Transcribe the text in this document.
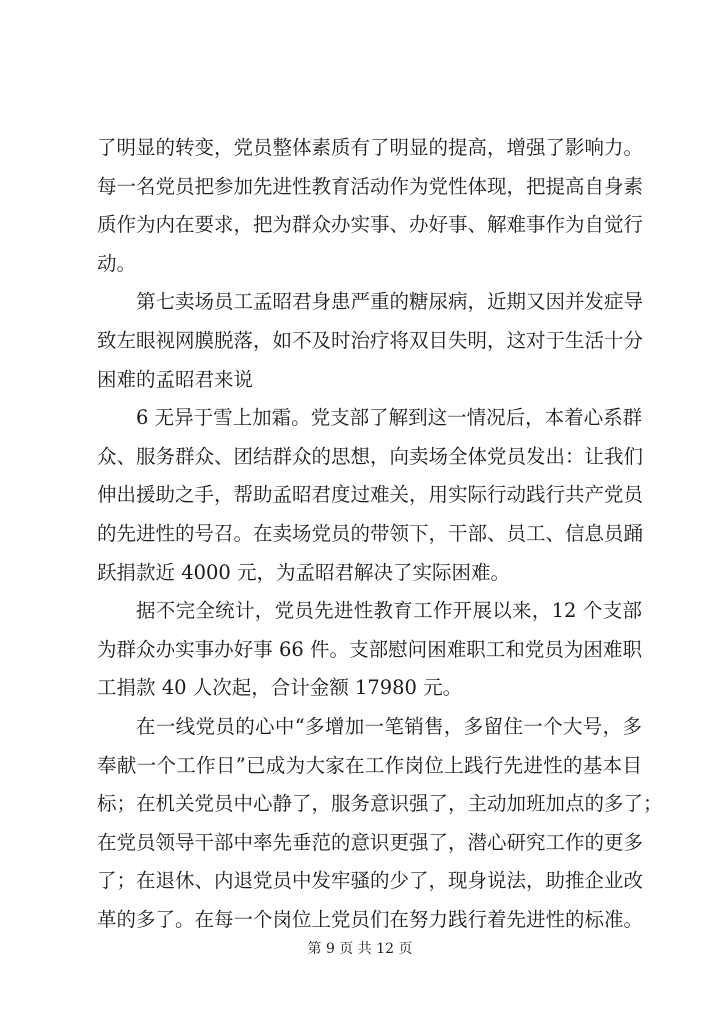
了明显的转变，党员整体素质有了明显的提高，增强了影响力。
每一名党员把参加先进性教育活动作为党性体现，把提高自身素
质作为内在要求，把为群众办实事、办好事、解难事作为自觉行
动。
第七卖场员工孟昭君身患严重的糖尿病，近期又因并发症导
致左眼视网膜脱落，如不及时治疗将双目失明，这对于生活十分
困难的孟昭君来说
6 无异于雪上加霜。党支部了解到这一情况后，本着心系群
众、服务群众、团结群众的思想，向卖场全体党员发出：让我们
伸出援助之手，帮助孟昭君度过难关，用实际行动践行共产党员
的先进性的号召。在卖场党员的带领下，干部、员工、信息员踊
跃捐款近 4000 元，为孟昭君解决了实际困难。
据不完全统计，党员先进性教育工作开展以来，12 个支部
为群众办实事办好事 66 件。支部慰问困难职工和党员为困难职
工捐款 40 人次起，合计金额 17980 元。
在一线党员的心中“多增加一笔销售，多留住一个大号，多
奉献一个工作日”已成为大家在工作岗位上践行先进性的基本目
标；在机关党员中心静了，服务意识强了，主动加班加点的多了；
在党员领导干部中率先垂范的意识更强了，潜心研究工作的更多
了；在退休、内退党员中发牢骚的少了，现身说法，助推企业改
革的多了。在每一个岗位上党员们在努力践行着先进性的标准。
第 9 页 共 12 页
